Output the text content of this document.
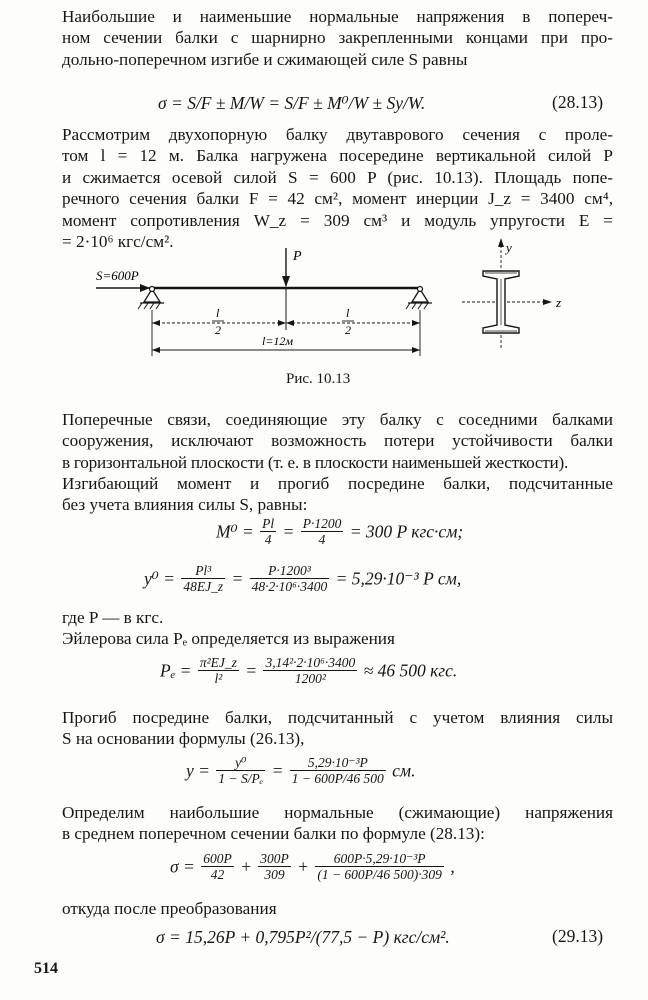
Наибольшие и наименьшие нормальные напряжения в попереч-
ном сечении балки с шарнирно закрепленными концами при про-
дольно-поперечном изгибе и сжимающей силе S равны
σ = S/F ± M/W = S/F ± M⁰/W ± Sy/W.	(28.13)
Рассмотрим двухопорную балку двутаврового сечения с проле-
том l = 12 м. Балка нагружена посередине вертикальной силой P
и сжимается осевой силой S = 600 P (рис. 10.13). Площадь попе-
речного сечения балки F = 42 см², момент инерции J_z = 3400 см⁴,
момент сопротивления W_z = 309 см³ и модуль упругости E =
= 2·10⁶ кгс/см².
S=600P
P
l
2
l
2
l=12м
y
z
Рис. 10.13
Поперечные связи, соединяющие эту балку с соседними балками
сооружения, исключают возможность потери устойчивости балки
в горизонтальной плоскости (т. е. в плоскости наименьшей жесткости).
Изгибающий момент и прогиб посредине балки, подсчитанные
без учета влияния силы S, равны:
$M^0 = \frac{Pl}{4} = \frac{P\cdot 1200}{4} = 300$ P кгс·см;
$y^0 = \frac{\text{Pl³}}{48EJ\_z} = \frac{\text{P·1200³}}{\text{48·2·10⁶·3400}} = 5,29\cdot 10^{-3}$ P см,
где P — в кгс.
Эйлерова сила Pₑ определяется из выражения
$P_e = \frac{\text{π²EJ\_z}}{\text{l²}} = \frac{\text{3,14²·2·10⁶·3400}}{\text{1200²}} \approx 46$ 500 кгс.
Прогиб посредине балки, подсчитанный с учетом влияния силы
S на основании формулы (26.13),
$y = \frac{\text{y⁰}}{\text{1 − S/Pₑ}} = \frac{\text{5,29·10⁻³P}}{1 - 600P/46 500}$ см.
Определим наибольшие нормальные (сжимающие) напряжения
в среднем поперечном сечении балки по формуле (28.13):
$\sigma = \frac{600P}{42} + \frac{300P}{309} + \frac{\text{600P·5,29·10⁻³P}}{(1 - 600P/46 500)\cdot 309}$ ,
откуда после преобразования
σ = 15,26P + 0,795P²/(77,5 − P) кгс/см².	(29.13)
514
